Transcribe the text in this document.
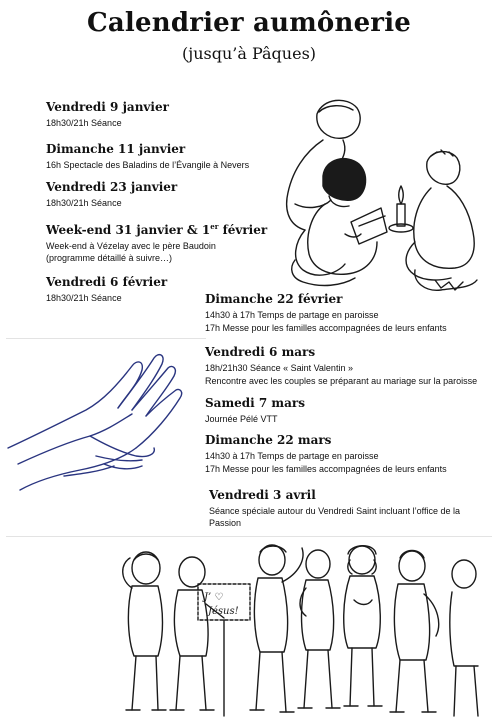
Calendrier aumônerie
(jusqu’à Pâques)
Vendredi 9 janvier
18h30/21h Séance
Dimanche 11 janvier
16h Spectacle des Baladins de l’Évangile à Nevers
Vendredi 23 janvier
18h30/21h Séance
Week-end 31 janvier & 1er février
Week-end à Vézelay avec le père Baudoin
(programme détaillé à suivre…)
Vendredi 6 février
18h30/21h Séance	Dimanche 22 février
14h30 à 17h Temps de partage en paroisse
17h Messe pour les familles accompagnées de leurs enfants
Vendredi 6 mars
18h/21h30 Séance « Saint Valentin »
Rencontre avec les couples se préparant au mariage sur la paroisse
Samedi 7 mars
Journée Pélé VTT
Dimanche 22 mars
14h30 à 17h Temps de partage en paroisse
17h Messe pour les familles accompagnées de leurs enfants
Vendredi 3 avril
Séance spéciale autour du Vendredi Saint incluant l’office de la
Passion
J’ ♡
Jésus!
